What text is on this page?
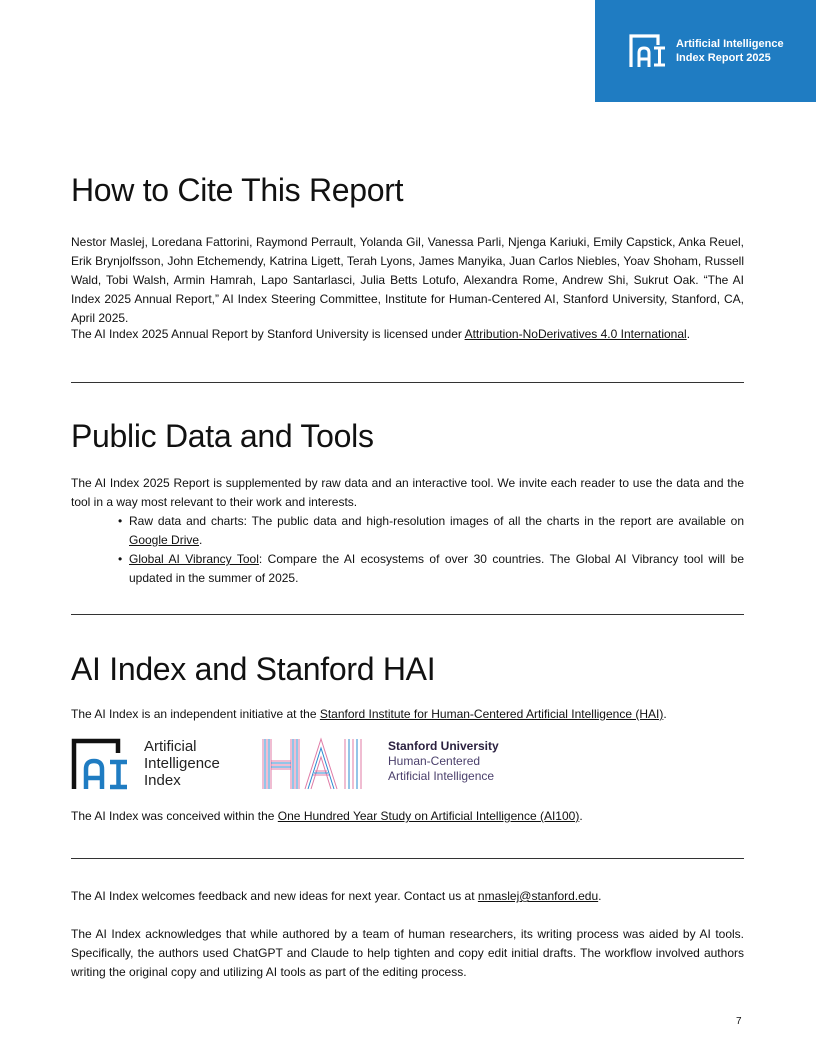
Artificial Intelligence
Index Report 2025
How to Cite This Report

Nestor Maslej, Loredana Fattorini, Raymond Perrault, Yolanda Gil, Vanessa Parli, Njenga Kariuki, Emily Capstick, Anka Reuel, Erik Brynjolfsson, John Etchemendy, Katrina Ligett, Terah Lyons, James Manyika, Juan Carlos Niebles, Yoav Shoham, Russell Wald, Tobi Walsh, Armin Hamrah, Lapo Santarlasci, Julia Betts Lotufo, Alexandra Rome, Andrew Shi, Sukrut Oak. “The AI Index 2025 Annual Report,” AI Index Steering Committee, Institute for Human-Centered AI, Stanford University, Stanford, CA, April 2025.

The AI Index 2025 Annual Report by Stanford University is licensed under Attribution-NoDerivatives 4.0 International.

Public Data and Tools

The AI Index 2025 Report is supplemented by raw data and an interactive tool. We invite each reader to use the data and the tool in a way most relevant to their work and interests.

• Raw data and charts: The public data and high-resolution images of all the charts in the report are available on Google Drive.
• Global AI Vibrancy Tool: Compare the AI ecosystems of over 30 countries. The Global AI Vibrancy tool will be updated in the summer of 2025.
AI Index and Stanford HAI

The AI Index is an independent initiative at the Stanford Institute for Human-Centered Artificial Intelligence (HAI).

Artificial
Intelligence
Index
Stanford University
Human-Centered
Artificial Intelligence

The AI Index was conceived within the One Hundred Year Study on Artificial Intelligence (AI100).

The AI Index welcomes feedback and new ideas for next year. Contact us at nmaslej@stanford.edu.

The AI Index acknowledges that while authored by a team of human researchers, its writing process was aided by AI tools. Specifically, the authors used ChatGPT and Claude to help tighten and copy edit initial drafts. The workflow involved authors writing the original copy and utilizing AI tools as part of the editing process.

7
